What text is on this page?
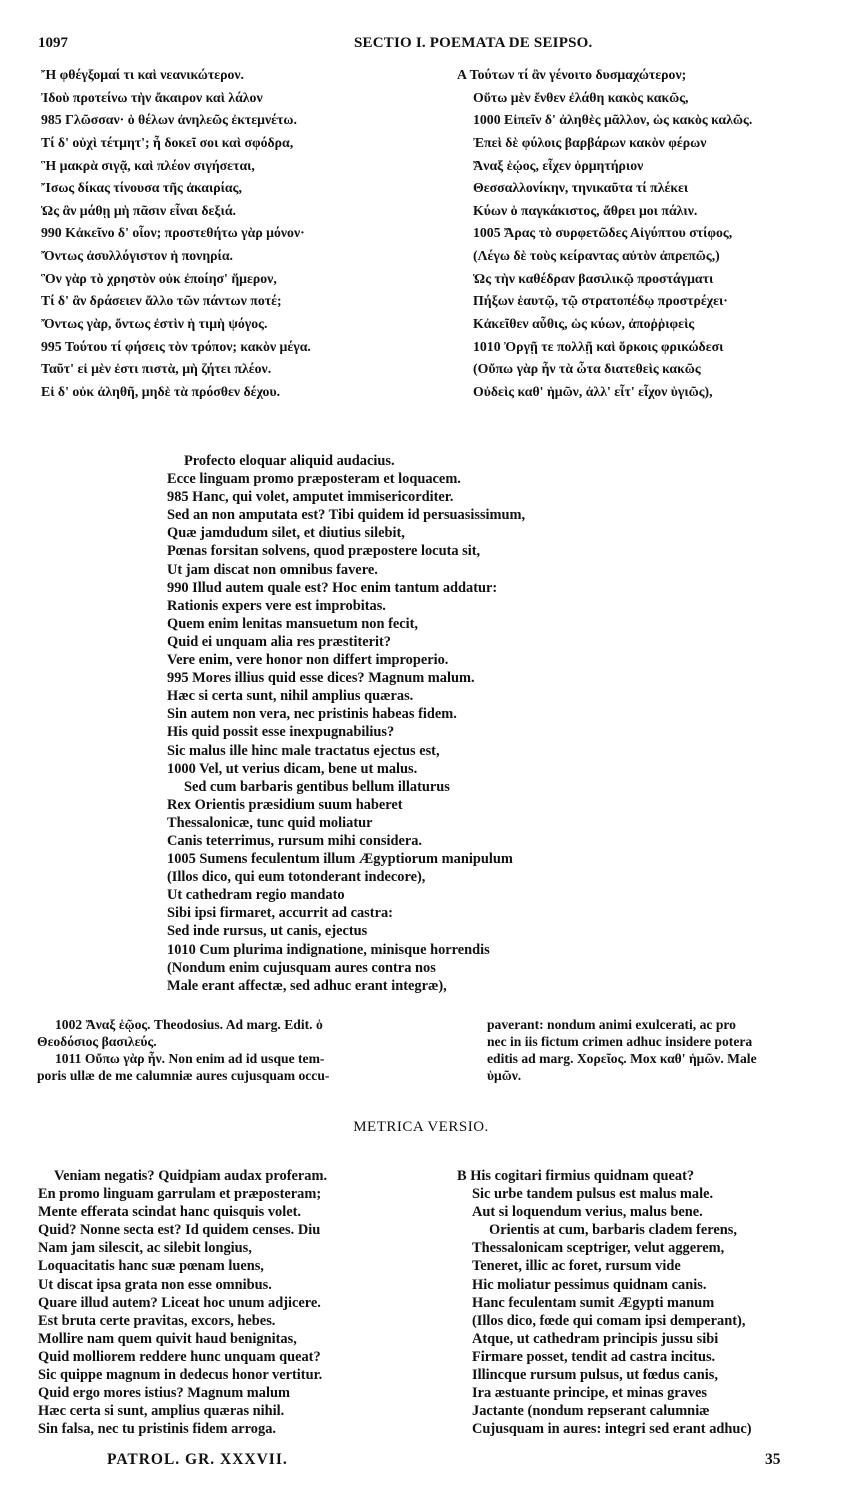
1097	SECTIO I. POEMATA DE SEIPSO.
Ἤ φθέγξομαί τι καὶ νεανικώτερον.
Ἰδοὺ προτείνω τὴν ἄκαιρον καὶ λάλον
985 Γλῶσσαν· ὁ θέλων ἀνηλεῶς ἐκτεμνέτω.
Τί δ' οὐχὶ τέτμητ'; ἦ δοκεῖ σοι καὶ σφόδρα,
Ἣ μακρὰ σιγᾷ, καὶ πλέον σιγήσεται,
Ἴσως δίκας τίνουσα τῆς ἀκαιρίας,
Ὡς ἂν μάθῃ μὴ πᾶσιν εἶναι δεξιά.
990 Κἀκεῖνο δ' οἷον; προστεθήτω γὰρ μόνον·
Ὄντως ἀσυλλόγιστον ἡ πονηρία.
Ὃν γὰρ τὸ χρηστὸν οὐκ ἐποίησ' ἥμερον,
Τί δ' ἂν δράσειεν ἄλλο τῶν πάντων ποτέ;
Ὄντως γὰρ, ὄντως ἐστὶν ἡ τιμὴ ψόγος.
995 Τούτου τί φήσεις τὸν τρόπον; κακὸν μέγα.
Ταῦτ' εἰ μὲν ἐστι πιστὰ, μὴ ζήτει πλέον.
Εἰ δ' οὐκ ἀληθῆ, μηδὲ τὰ πρόσθεν δέχου.
A Τούτων τί ἂν γένοιτο δυσμαχώτερον;
Οὕτω μὲν ἔνθεν ἐλάθη κακὸς κακῶς,
1000 Εἰπεῖν δ' ἀληθὲς μᾶλλον, ὡς κακὸς καλῶς.
Ἐπεὶ δὲ φύλοις βαρβάρων κακὸν φέρων
Ἄναξ ἑῴος, εἶχεν ὁρμητήριον
Θεσσαλλονίκην, τηνικαῦτα τί πλέκει
Κύων ὁ παγκάκιστος, ἄθρει μοι πάλιν.
1005 Ἄρας τὸ συρφετῶδες Αἰγύπτου στίφος,
(Λέγω δὲ τοὺς κείραντας αὐτὸν ἀπρεπῶς,)
Ὡς τὴν καθέδραν βασιλικῷ προστάγματι
Πήξων ἑαυτῷ, τῷ στρατοπέδῳ προστρέχει·
Κἀκεῖθεν αὖθις, ὡς κύων, ἀποῤῥιφεὶς
1010 Ὀργῇ τε πολλῇ καὶ ὅρκοις φρικώδεσι
(Οὔπω γὰρ ἦν τὰ ὦτα διατεθεὶς κακῶς
Οὐδεὶς καθ' ἡμῶν, ἀλλ' εἶτ' εἶχον ὑγιῶς),
Profecto eloquar aliquid audacius.
Ecce linguam promo præposteram et loquacem.
985 Hanc, qui volet, amputet immisericorditer.
Sed an non amputata est? Tibi quidem id persuasissimum,
Quæ jamdudum silet, et diutius silebit,
Pœnas forsitan solvens, quod præpostere locuta sit,
Ut jam discat non omnibus favere.
990 Illud autem quale est? Hoc enim tantum addatur:
Rationis expers vere est improbitas.
Quem enim lenitas mansuetum non fecit,
Quid ei unquam alia res præstiterit?
Vere enim, vere honor non differt improperio.
995 Mores illius quid esse dices? Magnum malum.
Hæc si certa sunt, nihil amplius quæras.
Sin autem non vera, nec pristinis habeas fidem.
His quid possit esse inexpugnabilius?
Sic malus ille hinc male tractatus ejectus est,
1000 Vel, ut verius dicam, bene ut malus.
Sed cum barbaris gentibus bellum illaturus
Rex Orientis præsidium suum haberet
Thessalonicæ, tunc quid moliatur
Canis teterrimus, rursum mihi considera.
1005 Sumens feculentum illum Ægyptiorum manipulum
(Illos dico, qui eum totonderant indecore),
Ut cathedram regio mandato
Sibi ipsi firmaret, accurrit ad castra:
Sed inde rursus, ut canis, ejectus
1010 Cum plurima indignatione, minisque horrendis
(Nondum enim cujusquam aures contra nos
Male erant affectæ, sed adhuc erant integræ),
1002 Ἄναξ ἑῷος. Theodosius. Ad marg. Edit. ὁ
Θεοδόσιος βασιλεύς.
1011 Οὔπω γὰρ ἦν. Non enim ad id usque tem-
poris ullæ de me calumniæ aures cujusquam occu-
paverant: nondum animi exulcerati, ac pro
nec in iis fictum crimen adhuc insidere potera
editis ad marg. Χορεῖος. Mox καθ' ἡμῶν. Male
ὑμῶν.
METRICA VERSIO.
Veniam negatis? Quidpiam audax proferam.
En promo linguam garrulam et præposteram;
Mente efferata scindat hanc quisquis volet.
Quid? Nonne secta est? Id quidem censes. Diu
Nam jam silescit, ac silebit longius,
Loquacitatis hanc suæ pœnam luens,
Ut discat ipsa grata non esse omnibus.
Quare illud autem? Liceat hoc unum adjicere.
Est bruta certe pravitas, excors, hebes.
Mollire nam quem quivit haud benignitas,
Quid molliorem reddere hunc unquam queat?
Sic quippe magnum in dedecus honor vertitur.
Quid ergo mores istius? Magnum malum
Hæc certa si sunt, amplius quæras nihil.
Sin falsa, nec tu pristinis fidem arroga.
B His cogitari firmius quidnam queat?
Sic urbe tandem pulsus est malus male.
Aut si loquendum verius, malus bene.
Orientis at cum, barbaris cladem ferens,
Thessalonicam sceptriger, velut aggerem,
Teneret, illic ac foret, rursum vide
Hic moliatur pessimus quidnam canis.
Hanc feculentam sumit Ægypti manum
(Illos dico, fœde qui comam ipsi demperant),
Atque, ut cathedram principis jussu sibi
Firmare posset, tendit ad castra incitus.
Illincque rursum pulsus, ut fœdus canis,
Ira æstuante principe, et minas graves
Jactante (nondum repserant calumniæ
Cujusquam in aures: integri sed erant adhuc)
PATROL. GR. XXXVII.	35
